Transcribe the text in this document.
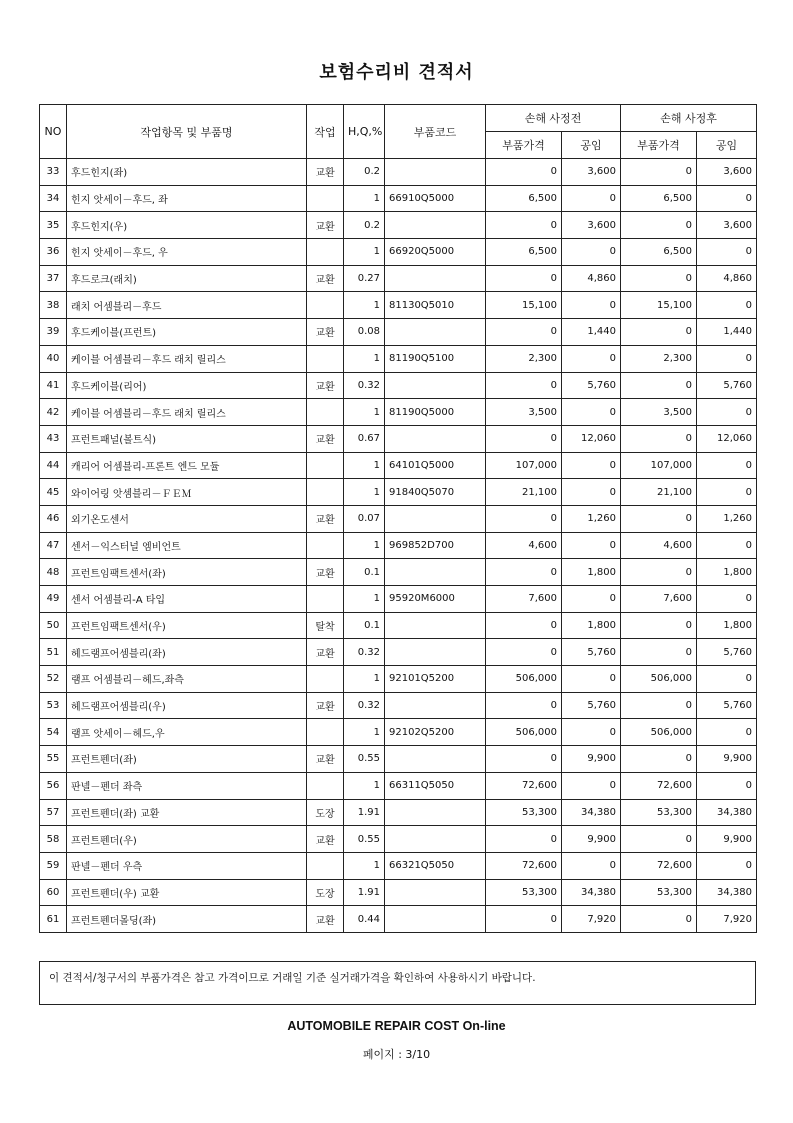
보험수리비 견적서
NO	작업항목 및 부품명	작업	H,Q,%	부품코드	손해 사정전		손해 사정후	
					부품가격	공임	부품가격	공임
33	후드힌지(좌)	교환	0.2		0	3,600	0	3,600
34	힌지 앗세이－후드, 좌		1	66910Q5000	6,500	0	6,500	0
35	후드힌지(우)	교환	0.2		0	3,600	0	3,600
36	힌지 앗세이－후드, 우		1	66920Q5000	6,500	0	6,500	0
37	후드로크(래치)	교환	0.27		0	4,860	0	4,860
38	래치 어셈블리－후드		1	81130Q5010	15,100	0	15,100	0
39	후드케이블(프런트)	교환	0.08		0	1,440	0	1,440
40	케이블 어셈블리－후드 래치 릴리스		1	81190Q5100	2,300	0	2,300	0
41	후드케이블(리어)	교환	0.32		0	5,760	0	5,760
42	케이블 어셈블리－후드 래치 릴리스		1	81190Q5000	3,500	0	3,500	0
43	프런트패널(볼트식)	교환	0.67		0	12,060	0	12,060
44	캐리어 어셈블리-프론트 엔드 모듈		1	64101Q5000	107,000	0	107,000	0
45	와이어링 앗셈블리－ＦＥＭ		1	91840Q5070	21,100	0	21,100	0
46	외기온도센서	교환	0.07		0	1,260	0	1,260
47	센서－익스터널 엠비언트		1	969852D700	4,600	0	4,600	0
48	프런트임팩트센서(좌)	교환	0.1		0	1,800	0	1,800
49	센서 어셈블리-A 타입		1	95920M6000	7,600	0	7,600	0
50	프런트임팩트센서(우)	탈착	0.1		0	1,800	0	1,800
51	헤드램프어셈블리(좌)	교환	0.32		0	5,760	0	5,760
52	램프 어셈블리－헤드,좌측		1	92101Q5200	506,000	0	506,000	0
53	헤드램프어셈블리(우)	교환	0.32		0	5,760	0	5,760
54	램프 앗세이－헤드,우		1	92102Q5200	506,000	0	506,000	0
55	프런트펜더(좌)	교환	0.55		0	9,900	0	9,900
56	판넬－펜더 좌측		1	66311Q5050	72,600	0	72,600	0
57	프런트펜더(좌) 교환	도장	1.91		53,300	34,380	53,300	34,380
58	프런트펜더(우)	교환	0.55		0	9,900	0	9,900
59	판넬－펜더 우측		1	66321Q5050	72,600	0	72,600	0
60	프런트펜더(우) 교환	도장	1.91		53,300	34,380	53,300	34,380
61	프런트펜더몰딩(좌)	교환	0.44		0	7,920	0	7,920
이 견적서/청구서의 부품가격은 참고 가격이므로 거래일 기준 실거래가격을 확인하여 사용하시기 바랍니다.
AUTOMOBILE REPAIR COST On-line
페이지 : 3/10
